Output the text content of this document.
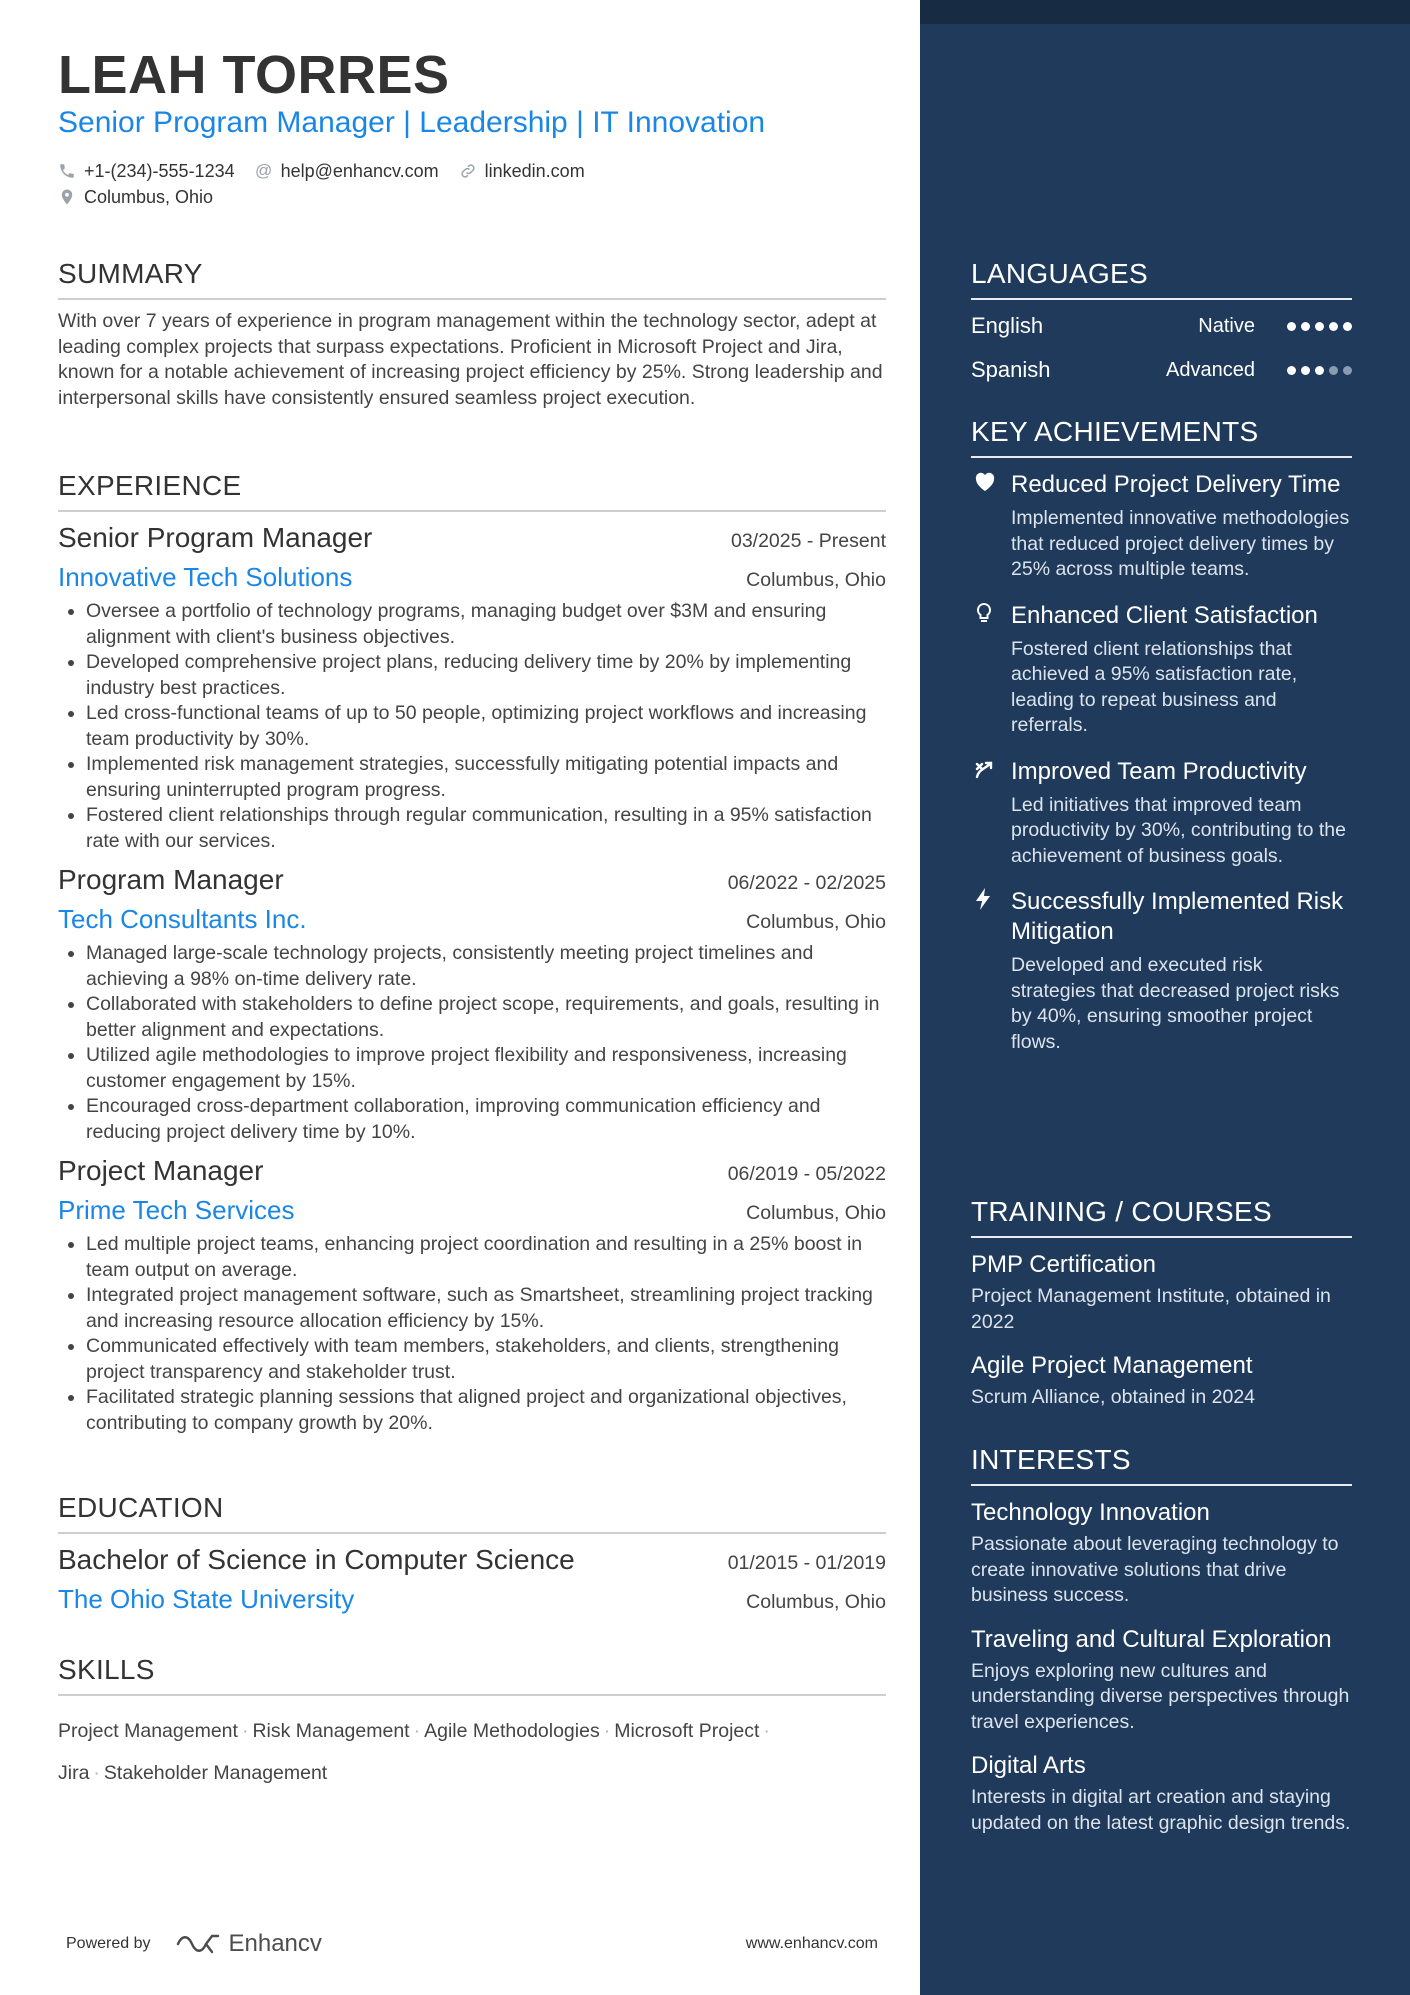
LEAH TORRES
Senior Program Manager | Leadership | IT Innovation
+1-(234)-555-1234 @ help@enhancv.com	linkedin.com
Columbus, Ohio
SUMMARY
With over 7 years of experience in program management within the technology sector, adept at leading complex projects that surpass expectations. Proficient in Microsoft Project and Jira, known for a notable achievement of increasing project efficiency by 25%. Strong leadership and interpersonal skills have consistently ensured seamless project execution.
EXPERIENCE
Senior Program Manager	03/2025 - Present
Innovative Tech Solutions	Columbus, Ohio
• Oversee a portfolio of technology programs, managing budget over $3M and ensuring alignment with client's business objectives.
• Developed comprehensive project plans, reducing delivery time by 20% by implementing industry best practices.
• Led cross-functional teams of up to 50 people, optimizing project workflows and increasing team productivity by 30%.
• Implemented risk management strategies, successfully mitigating potential impacts and ensuring uninterrupted program progress.
• Fostered client relationships through regular communication, resulting in a 95% satisfaction rate with our services.
Program Manager	06/2022 - 02/2025
Tech Consultants Inc.	Columbus, Ohio
• Managed large-scale technology projects, consistently meeting project timelines and achieving a 98% on-time delivery rate.
• Collaborated with stakeholders to define project scope, requirements, and goals, resulting in better alignment and expectations.
• Utilized agile methodologies to improve project flexibility and responsiveness, increasing customer engagement by 15%.
• Encouraged cross-department collaboration, improving communication efficiency and reducing project delivery time by 10%.
Project Manager	06/2019 - 05/2022
Prime Tech Services	Columbus, Ohio
• Led multiple project teams, enhancing project coordination and resulting in a 25% boost in team output on average.
• Integrated project management software, such as Smartsheet, streamlining project tracking and increasing resource allocation efficiency by 15%.
• Communicated effectively with team members, stakeholders, and clients, strengthening project transparency and stakeholder trust.
• Facilitated strategic planning sessions that aligned project and organizational objectives, contributing to company growth by 20%.
EDUCATION
Bachelor of Science in Computer Science	01/2015 - 01/2019
The Ohio State University	Columbus, Ohio
SKILLS
Project Management · Risk Management · Agile Methodologies · Microsoft Project ·
Jira · Stakeholder Management
Powered by	Enhancv	www.enhancv.com
LANGUAGES
English	Native
Spanish	Advanced
KEY ACHIEVEMENTS
Reduced Project Delivery Time
Implemented innovative methodologies that reduced project delivery times by 25% across multiple teams.
Enhanced Client Satisfaction
Fostered client relationships that achieved a 95% satisfaction rate, leading to repeat business and referrals.
Improved Team Productivity
Led initiatives that improved team productivity by 30%, contributing to the achievement of business goals.
Successfully Implemented Risk Mitigation
Developed and executed risk strategies that decreased project risks by 40%, ensuring smoother project flows.
TRAINING / COURSES
PMP Certification
Project Management Institute, obtained in 2022
Agile Project Management
Scrum Alliance, obtained in 2024
INTERESTS
Technology Innovation
Passionate about leveraging technology to create innovative solutions that drive business success.
Traveling and Cultural Exploration
Enjoys exploring new cultures and understanding diverse perspectives through travel experiences.
Digital Arts
Interests in digital art creation and staying updated on the latest graphic design trends.
